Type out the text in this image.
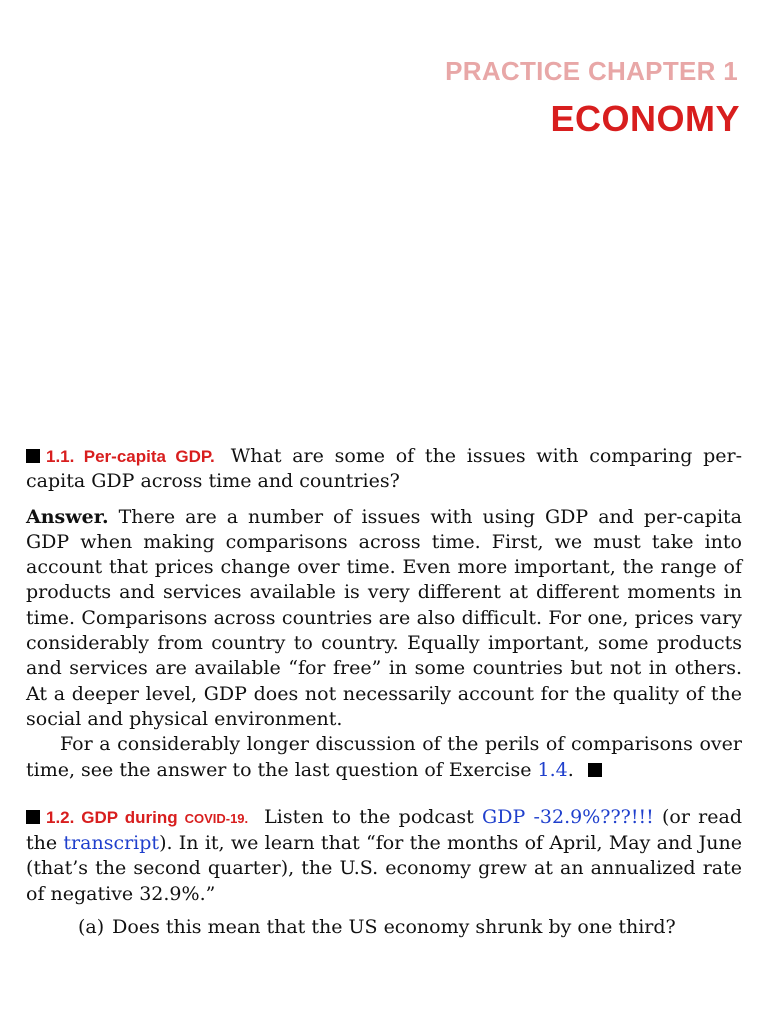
PRACTICE CHAPTER 1
ECONOMY

1.1. Per-capita GDP. What are some of the issues with comparing per-capita GDP across time and countries?

Answer. There are a number of issues with using GDP and per-capita GDP when making comparisons across time. First, we must take into account that prices change over time. Even more important, the range of products and services available is very different at different moments in time. Comparisons across countries are also difficult. For one, prices vary considerably from country to country. Equally important, some products and services are available “for free” in some countries but not in others. At a deeper level, GDP does not necessarily account for the quality of the social and physical environment.

For a considerably longer discussion of the perils of comparisons over time, see the answer to the last question of Exercise 1.4.

1.2. GDP during COVID-19. Listen to the podcast GDP -32.9%???!!! (or read the transcript). In it, we learn that “for the months of April, May and June (that’s the second quarter), the U.S. economy grew at an annualized rate of negative 32.9%.”

(a) Does this mean that the US economy shrunk by one third?
